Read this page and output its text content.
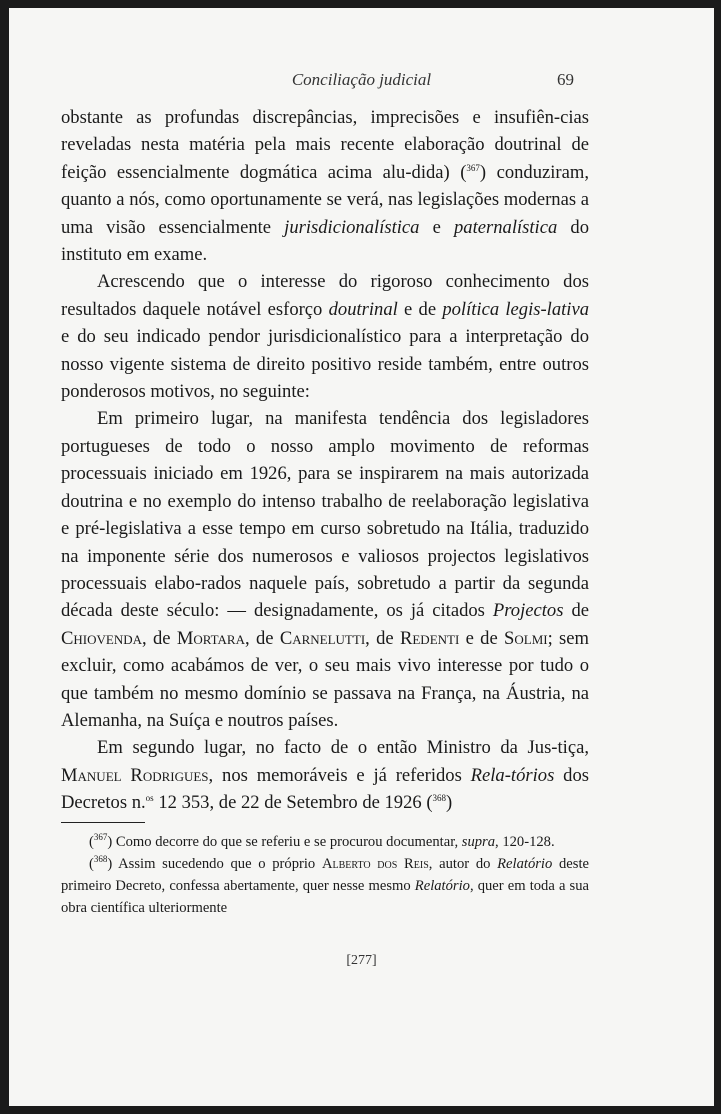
Conciliação judicial	69

obstante as profundas discrepâncias, imprecisões e insufiên-cias reveladas nesta matéria pela mais recente elaboração doutrinal de feição essencialmente dogmática acima alu-dida) ($^{367}$) conduziram, quanto a nós, como oportunamente se verá, nas legislações modernas a uma visão essencialmente jurisdicionalística e paternalística do instituto em exame.

Acrescendo que o interesse do rigoroso conhecimento dos resultados daquele notável esforço doutrinal e de política legis-lativa e do seu indicado pendor jurisdicionalístico para a interpretação do nosso vigente sistema de direito positivo reside também, entre outros ponderosos motivos, no seguinte:

Em primeiro lugar, na manifesta tendência dos legisladores portugueses de todo o nosso amplo movimento de reformas processuais iniciado em 1926, para se inspirarem na mais autorizada doutrina e no exemplo do intenso trabalho de reelaboração legislativa e pré-legislativa a esse tempo em curso sobretudo na Itália, traduzido na imponente série dos numerosos e valiosos projectos legislativos processuais elabo-rados naquele país, sobretudo a partir da segunda década deste século: — designadamente, os já citados Projectos de Chiovenda, de Mortara, de Carnelutti, de Redenti e de Solmi; sem excluir, como acabámos de ver, o seu mais vivo interesse por tudo o que também no mesmo domínio se passava na França, na Áustria, na Alemanha, na Suíça e noutros países.

Em segundo lugar, no facto de o então Ministro da Jus-tiça, Manuel Rodrigues, nos memoráveis e já referidos Rela-tórios dos Decretos n.$^{os}$ 12 353, de 22 de Setembro de 1926 ($^{368}$)

($^{367}$) Como decorre do que se referiu e se procurou documentar, supra, 120-128.

($^{368}$) Assim sucedendo que o próprio Alberto dos Reis, autor do Relatório deste primeiro Decreto, confessa abertamente, quer nesse mesmo Relatório, quer em toda a sua obra científica ulteriormente

[277]
